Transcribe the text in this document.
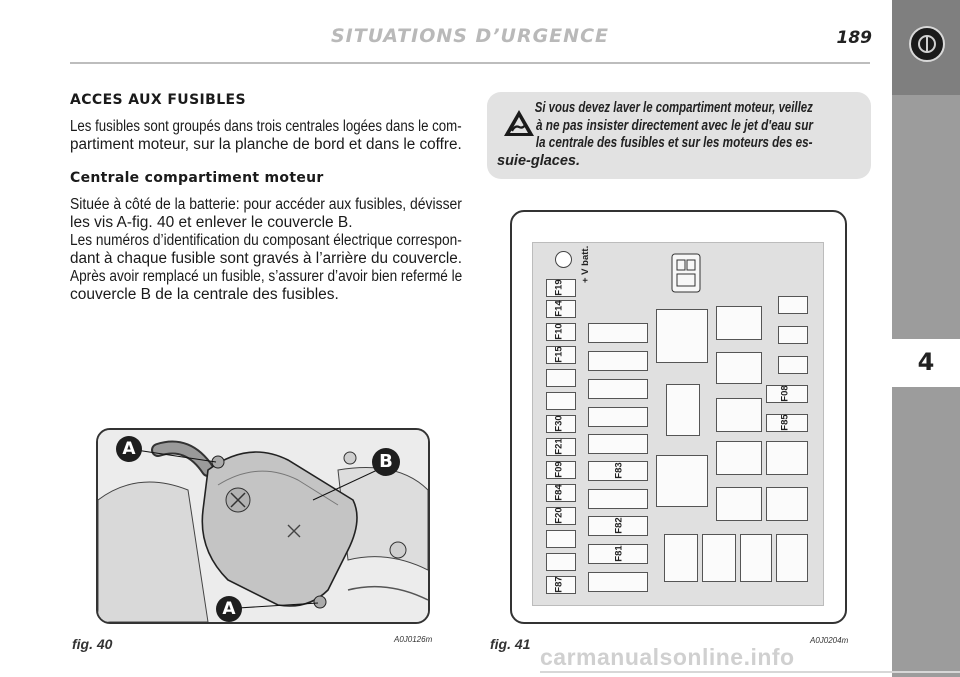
SITUATIONS D’URGENCE	189
4
ACCES AUX FUSIBLES
Les fusibles sont groupés dans trois centrales logées dans le com-
partiment moteur, sur la planche de bord et dans le coffre.
Centrale compartiment moteur
Située à côté de la batterie: pour accéder aux fusibles, dévisser
les vis A-fig. 40 et enlever le couvercle B.
Les numéros d’identification du composant électrique correspon-
dant à chaque fusible sont gravés à l’arrière du couvercle.
Après avoir remplacé un fusible, s’assurer d’avoir bien refermé le
couvercle B de la centrale des fusibles.
Si vous devez laver le compartiment moteur, veillez
à ne pas insister directement avec le jet d'eau sur
la centrale des fusibles et sur les moteurs des es-
suie-glaces.
A
B
A
fig. 40	A0J0126m
+ V batt.
F19
F14
F10
F15
F30
F21
F09
F84
F20
F87
F83
F82
F81
F08
F85
fig. 41	A0J0204m
carmanualsonline.info
